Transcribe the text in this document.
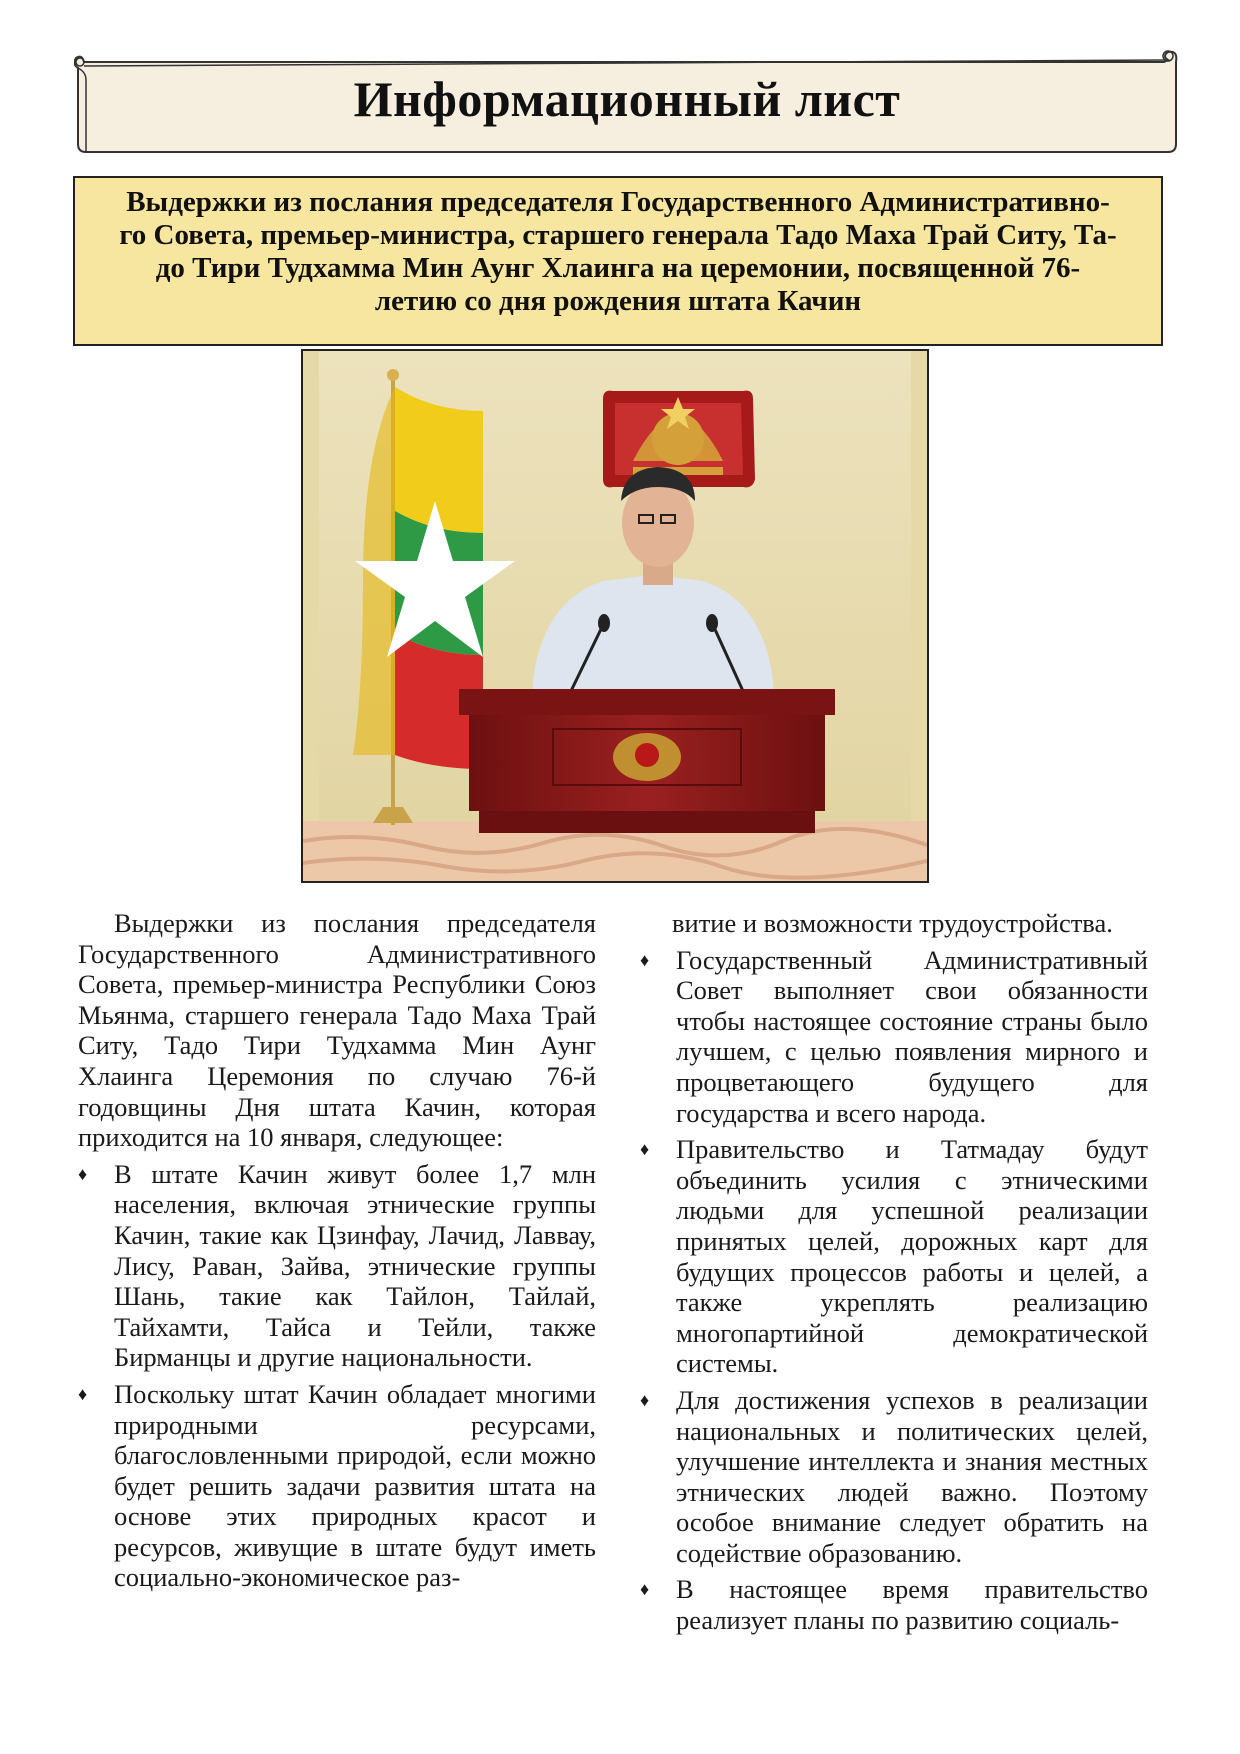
Информационный лист

Выдержки из послания председателя Государственного Административно-
го Совета, премьер-министра, старшего генерала Тадо Маха Трай Ситу, Та-
до Тири Тудхамма Мин Аунг Хлаинга на церемонии, посвященной 76-
летию со дня рождения штата Качин

Выдержки из послания председателя Государственного Административного Совета, премьер-министра Республики Союз Мьянма, старшего генерала Тадо Маха Трай Ситу, Тадо Тири Тудхамма Мин Аунг Хлаинга Церемония по случаю 76-й годовщины Дня штата Качин, которая приходится на 10 января, следующее:

♦ В штате Качин живут более 1,7 млн населения, включая этнические группы Качин, такие как Цзинфау, Лачид, Лаввау, Лису, Раван, Зайва, этнические группы Шань, такие как Тайлон, Тайлай, Тайхамти, Тайса и Тейли, также Бирманцы и другие национальности.
♦ Поскольку штат Качин обладает многими природными ресурсами, благословленными природой, если можно будет решить задачи развития штата на основе этих природных красот и ресурсов, живущие в штате будут иметь социально-экономическое раз-

витие и возможности трудоустройства.

♦ Государственный Административный Совет выполняет свои обязанности чтобы настоящее состояние страны было лучшем, с целью появления мирного и процветающего будущего для государства и всего народа.
♦ Правительство и Татмадау будут объединить усилия с этническими людьми для успешной реализации принятых целей, дорожных карт для будущих процессов работы и целей, а также укреплять реализацию многопартийной демократической системы.
♦ Для достижения успехов в реализации национальных и политических целей, улучшение интеллекта и знания местных этнических людей важно. Поэтому особое внимание следует обратить на содействие образованию.
♦ В настоящее время правительство реализует планы по развитию социаль-
